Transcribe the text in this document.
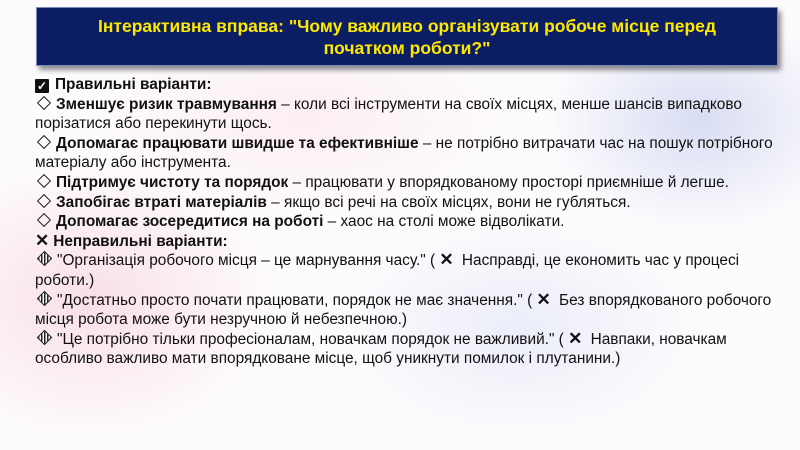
Інтерактивна вправа: "Чому важливо організувати робоче місце перед початком роботи?"

✓ Правильні варіанти:

Зменшує ризик травмування – коли всі інструменти на своїх місцях, менше шансів випадково порізатися або перекинути щось.

Допомагає працювати швидше та ефективніше – не потрібно витрачати час на пошук потрібного матеріалу або інструмента.

Підтримує чистоту та порядок – працювати у впорядкованому просторі приємніше й легше.

Запобігає втраті матеріалів – якщо всі речі на своїх місцях, вони не губляться.

Допомагає зосередитися на роботі – хаос на столі може відволікати.

✕ Неправильні варіанти:

"Організація робочого місця – це марнування часу." ( ✕ Насправді, це економить час у процесі роботи.)

"Достатньо просто почати працювати, порядок не має значення." ( ✕ Без впорядкованого робочого місця робота може бути незручною й небезпечною.)

"Це потрібно тільки професіоналам, новачкам порядок не важливий." ( ✕ Навпаки, новачкам особливо важливо мати впорядковане місце, щоб уникнути помилок і плутанини.)
